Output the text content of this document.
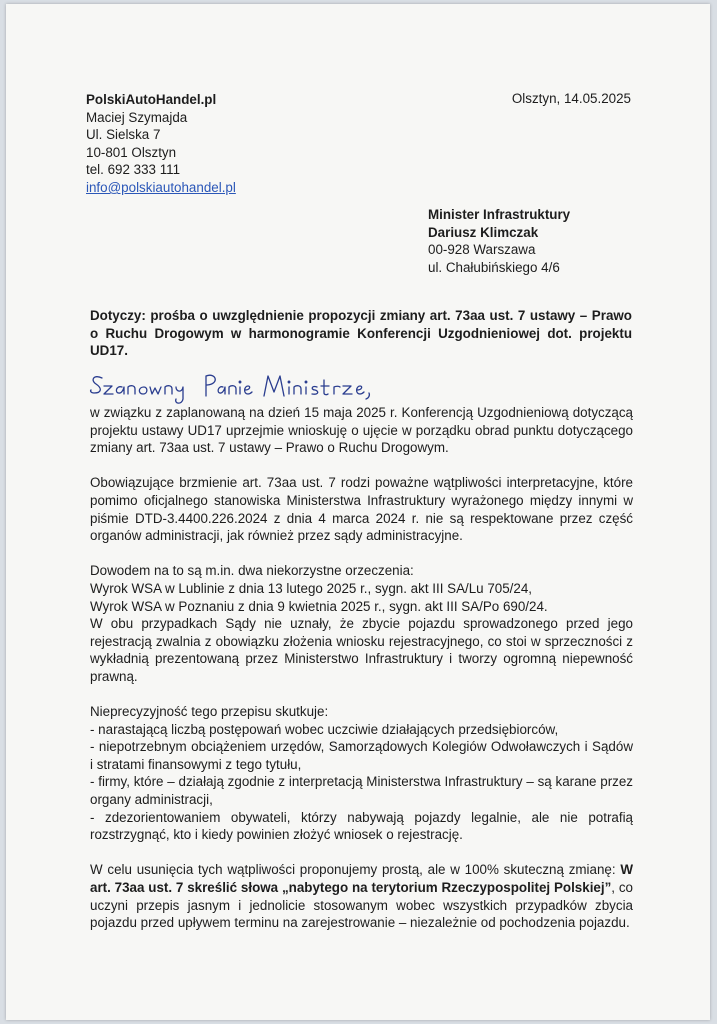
PolskiAutoHandel.pl
Maciej Szymajda
Ul. Sielska 7
10-801 Olsztyn
tel. 692 333 111
info@polskiautohandel.pl
Olsztyn, 14.05.2025
Minister Infrastruktury
Dariusz Klimczak
00-928 Warszawa
ul. Chałubińskiego 4/6
Dotyczy: prośba o uwzględnienie propozycji zmiany art. 73aa ust. 7 ustawy – Prawo o Ruchu Drogowym w harmonogramie Konferencji Uzgodnieniowej dot. projektu UD17.

w związku z zaplanowaną na dzień 15 maja 2025 r. Konferencją Uzgodnieniową dotyczącą projektu ustawy UD17 uprzejmie wnioskuję o ujęcie w porządku obrad punktu dotyczącego zmiany art. 73aa ust. 7 ustawy – Prawo o Ruchu Drogowym.

Obowiązujące brzmienie art. 73aa ust. 7 rodzi poważne wątpliwości interpretacyjne, które pomimo oficjalnego stanowiska Ministerstwa Infrastruktury wyrażonego między innymi w piśmie DTD-3.4400.226.2024 z dnia 4 marca 2024 r. nie są respektowane przez część organów administracji, jak również przez sądy administracyjne.

Dowodem na to są m.in. dwa niekorzystne orzeczenia:
Wyrok WSA w Lublinie z dnia 13 lutego 2025 r., sygn. akt III SA/Lu 705/24,
Wyrok WSA w Poznaniu z dnia 9 kwietnia 2025 r., sygn. akt III SA/Po 690/24.
W obu przypadkach Sądy nie uznały, że zbycie pojazdu sprowadzonego przed jego rejestracją zwalnia z obowiązku złożenia wniosku rejestracyjnego, co stoi w sprzeczności z wykładnią prezentowaną przez Ministerstwo Infrastruktury i tworzy ogromną niepewność prawną.

Nieprecyzyjność tego przepisu skutkuje:
- narastającą liczbą postępowań wobec uczciwie działających przedsiębiorców,
- niepotrzebnym obciążeniem urzędów, Samorządowych Kolegiów Odwoławczych i Sądów i stratami finansowymi z tego tytułu,
- firmy, które – działają zgodnie z interpretacją Ministerstwa Infrastruktury – są karane przez organy administracji,
- zdezorientowaniem obywateli, którzy nabywają pojazdy legalnie, ale nie potrafią rozstrzygnąć, kto i kiedy powinien złożyć wniosek o rejestrację.

W celu usunięcia tych wątpliwości proponujemy prostą, ale w 100% skuteczną zmianę: W art. 73aa ust. 7 skreślić słowa „nabytego na terytorium Rzeczypospolitej Polskiej”, co uczyni przepis jasnym i jednolicie stosowanym wobec wszystkich przypadków zbycia pojazdu przed upływem terminu na zarejestrowanie – niezależnie od pochodzenia pojazdu.
